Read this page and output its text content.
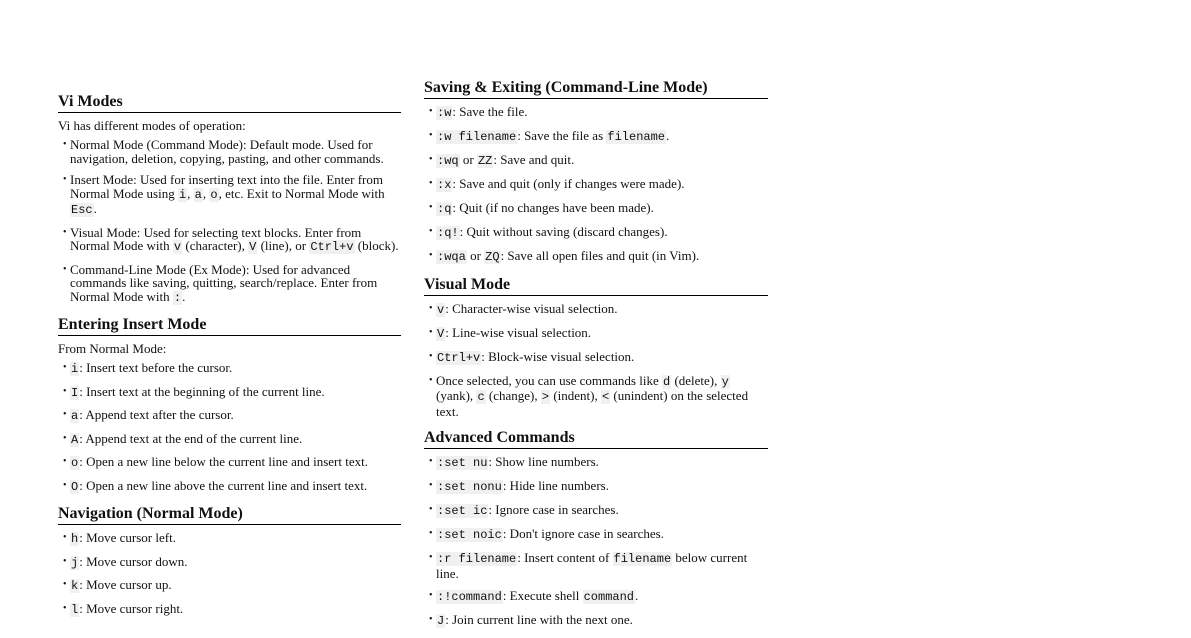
Vi Modes

Vi has different modes of operation:

• Normal Mode (Command Mode): Default mode. Used for navigation, deletion, copying, pasting, and other commands.
• Insert Mode: Used for inserting text into the file. Enter from Normal Mode using i, a, o, etc. Exit to Normal Mode with Esc.
• Visual Mode: Used for selecting text blocks. Enter from Normal Mode with v (character), V (line), or Ctrl+v (block).
• Command-Line Mode (Ex Mode): Used for advanced commands like saving, quitting, search/replace. Enter from Normal Mode with :.
Entering Insert Mode

From Normal Mode:

• i: Insert text before the cursor.
• I: Insert text at the beginning of the current line.
• a: Append text after the cursor.
• A: Append text at the end of the current line.
• o: Open a new line below the current line and insert text.
• O: Open a new line above the current line and insert text.
Navigation (Normal Mode)
• h: Move cursor left.
• j: Move cursor down.
• k: Move cursor up.
• l: Move cursor right.
Saving & Exiting (Command-Line Mode)
• :w: Save the file.
• :w filename: Save the file as filename.
• :wq or ZZ: Save and quit.
• :x: Save and quit (only if changes were made).
• :q: Quit (if no changes have been made).
• :q!: Quit without saving (discard changes).
• :wqa or ZQ: Save all open files and quit (in Vim).
Visual Mode
• v: Character-wise visual selection.
• V: Line-wise visual selection.
• Ctrl+v: Block-wise visual selection.
• Once selected, you can use commands like d (delete), y (yank), c (change), > (indent), < (unindent) on the selected text.
Advanced Commands
• :set nu: Show line numbers.
• :set nonu: Hide line numbers.
• :set ic: Ignore case in searches.
• :set noic: Don't ignore case in searches.
• :r filename: Insert content of filename below current line.
• :!command: Execute shell command.
• J: Join current line with the next one.
